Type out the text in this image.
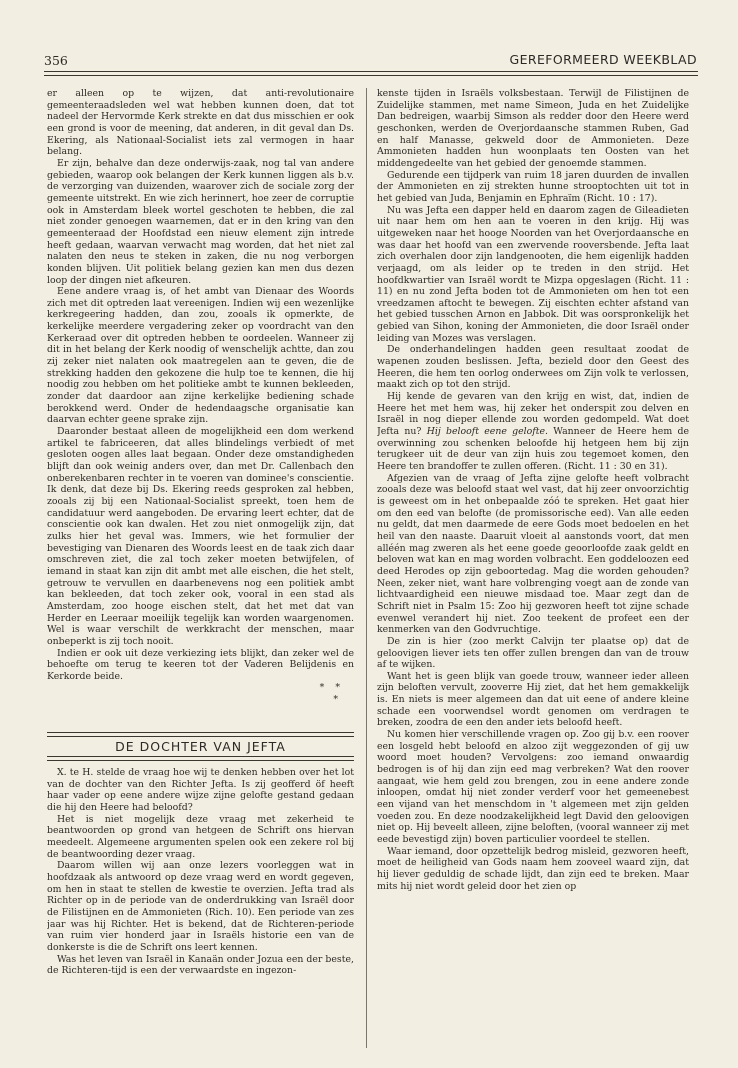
356	GEREFORMEERD WEEKBLAD

er alleen op te wijzen, dat anti-revolutionaire gemeenteraadsleden wel wat hebben kunnen doen, dat tot nadeel der Hervormde Kerk strekte en dat dus misschien er ook een grond is voor de meening, dat anderen, in dit geval dan Ds. Ekering, als Nationaal-Socialist iets zal vermogen in haar belang.

Er zijn, behalve dan deze onderwijs-zaak, nog tal van andere gebieden, waarop ook belangen der Kerk kunnen liggen als b.v. de verzorging van duizenden, waarover zich de sociale zorg der gemeente uitstrekt. En wie zich herinnert, hoe zeer de corruptie ook in Amsterdam bleek wortel geschoten te hebben, die zal niet zonder genoegen waarnemen, dat er in den kring van den gemeenteraad der Hoofdstad een nieuw element zijn intrede heeft gedaan, waarvan verwacht mag worden, dat het niet zal nalaten den neus te steken in zaken, die nu nog verborgen konden blijven. Uit politiek belang gezien kan men dus dezen loop der dingen niet afkeuren.

Eene andere vraag is, of het ambt van Dienaar des Woords zich met dit optreden laat vereenigen. Indien wij een wezenlijke kerkregeering hadden, dan zou, zooals ik opmerkte, de kerkelijke meerdere vergadering zeker op voordracht van den Kerkeraad over dit optreden hebben te oordeelen. Wanneer zij dit in het belang der Kerk noodig of wenschelijk achtte, dan zou zij zeker niet nalaten ook maatregelen aan te geven, die de strekking hadden den gekozene die hulp toe te kennen, die hij noodig zou hebben om het politieke ambt te kunnen bekleeden, zonder dat daardoor aan zijne kerkelijke bediening schade berokkend werd. Onder de hedendaagsche organisatie kan daarvan echter geene sprake zijn.

Daaronder bestaat alleen de mogelijkheid een dom werkend artikel te fabriceeren, dat alles blindelings verbiedt of met gesloten oogen alles laat begaan. Onder deze omstandigheden blijft dan ook weinig anders over, dan met Dr. Callenbach den onberekenbaren rechter in te voeren van dominee's conscientie. Ik denk, dat deze bij Ds. Ekering reeds gesproken zal hebben, zooals zij bij een Nationaal-Socialist spreekt, toen hem de candidatuur werd aangeboden. De ervaring leert echter, dat de conscientie ook kan dwalen. Het zou niet onmogelijk zijn, dat zulks hier het geval was. Immers, wie het formulier der bevestiging van Dienaren des Woords leest en de taak zich daar omschreven ziet, die zal toch zeker moeten betwijfelen, of iemand in staat kan zijn dit ambt met alle eischen, die het stelt, getrouw te vervullen en daarbenevens nog een politiek ambt kan bekleeden, dat toch zeker ook, vooral in een stad als Amsterdam, zoo hooge eischen stelt, dat het met dat van Herder en Leeraar moeilijk tegelijk kan worden waargenomen. Wel is waar verschilt de werkkracht der menschen, maar onbeperkt is zij toch nooit.

Indien er ook uit deze verkiezing iets blijkt, dan zeker wel de behoefte om terug te keeren tot der Vaderen Belijdenis en Kerkorde beide.

* *

*

DE DOCHTER VAN JEFTA

X. te H. stelde de vraag hoe wij te denken hebben over het lot van de dochter van den Richter Jefta. Is zij geofferd öf heeft haar vader op eene andere wijze zijne gelofte gestand gedaan die hij den Heere had beloofd?

Het is niet mogelijk deze vraag met zekerheid te beantwoorden op grond van hetgeen de Schrift ons hiervan meedeelt. Algemeene argumenten spelen ook een zekere rol bij de beantwoording dezer vraag.

Daarom willen wij aan onze lezers voorleggen wat in hoofdzaak als antwoord op deze vraag werd en wordt gegeven, om hen in staat te stellen de kwestie te overzien. Jefta trad als Richter op in de periode van de onderdrukking van Israël door de Filistijnen en de Ammonieten (Rich. 10). Een periode van zes jaar was hij Richter. Het is bekend, dat de Richteren-periode van ruim vier honderd jaar in Israëls historie een van de donkerste is die de Schrift ons leert kennen.

Was het leven van Israël in Kanaän onder Jozua een der beste, de Richteren-tijd is een der verwaardste en ingezon-

kenste tijden in Israëls volksbestaan. Terwijl de Filistijnen de Zuidelijke stammen, met name Simeon, Juda en het Zuidelijke Dan bedreigen, waarbij Simson als redder door den Heere werd geschonken, werden de Overjordaansche stammen Ruben, Gad en half Manasse, gekweld door de Ammonieten. Deze Ammonieten hadden hun woonplaats ten Oosten van het middengedeelte van het gebied der genoemde stammen.

Gedurende een tijdperk van ruim 18 jaren duurden de invallen der Ammonieten en zij strekten hunne strooptochten uit tot in het gebied van Juda, Benjamin en Ephraïm (Richt. 10 : 17).

Nu was Jefta een dapper held en daarom zagen de Gileadieten uit naar hem om hen aan te voeren in den krijg. Hij was uitgeweken naar het hooge Noorden van het Overjordaansche en was daar het hoofd van een zwervende rooversbende. Jefta laat zich overhalen door zijn landgenooten, die hem eigenlijk hadden verjaagd, om als leider op te treden in den strijd. Het hoofdkwartier van Israël wordt te Mizpa opgeslagen (Richt. 11 : 11) en nu zond Jefta boden tot de Ammonieten om hen tot een vreedzamen aftocht te bewegen. Zij eischten echter afstand van het gebied tusschen Arnon en Jabbok. Dit was oorspronkelijk het gebied van Sihon, koning der Ammonieten, die door Israël onder leiding van Mozes was verslagen.

De onderhandelingen hadden geen resultaat zoodat de wapenen zouden beslissen. Jefta, bezield door den Geest des Heeren, die hem ten oorlog onderwees om Zijn volk te verlossen, maakt zich op tot den strijd.

Hij kende de gevaren van den krijg en wist, dat, indien de Heere het met hem was, hij zeker het onderspit zou delven en Israël in nog dieper ellende zou worden gedompeld. Wat doet Jefta nu? Hij belooft eene gelofte. Wanneer de Heere hem de overwinning zou schenken beloofde hij hetgeen hem bij zijn terugkeer uit de deur van zijn huis zou tegemoet komen, den Heere ten brandoffer te zullen offeren. (Richt. 11 : 30 en 31).

Afgezien van de vraag of Jefta zijne gelofte heeft volbracht zooals deze was beloofd staat wel vast, dat hij zeer onvoorzichtig is geweest om in het onbepaalde zóó te spreken. Het gaat hier om den eed van belofte (de promissorische eed). Van alle eeden nu geldt, dat men daarmede de eere Gods moet bedoelen en het heil van den naaste. Daaruit vloeit al aanstonds voort, dat men alléén mag zweren als het eene goede geoorloofde zaak geldt en beloven wat kan en mag worden volbracht. Een goddeloozen eed deed Herodes op zijn geboortedag. Mag die worden gehouden? Neen, zeker niet, want hare volbrenging voegt aan de zonde van lichtvaardigheid een nieuwe misdaad toe. Maar zegt dan de Schrift niet in Psalm 15: Zoo hij gezworen heeft tot zijne schade evenwel verandert hij niet. Zoo teekent de profeet een der kenmerken van den Godvruchtige.

De zin is hier (zoo merkt Calvijn ter plaatse op) dat de geloovigen liever iets ten offer zullen brengen dan van de trouw af te wijken.

Want het is geen blijk van goede trouw, wanneer ieder alleen zijn beloften vervult, zooverre Hij ziet, dat het hem gemakkelijk is. En niets is meer algemeen dan dat uit eene of andere kleine schade een voorwendsel wordt genomen om verdragen te breken, zoodra de een den ander iets beloofd heeft.

Nu komen hier verschillende vragen op. Zoo gij b.v. een roover een losgeld hebt beloofd en alzoo zijt weggezonden of gij uw woord moet houden? Vervolgens: zoo iemand onwaardig bedrogen is of hij dan zijn eed mag verbreken? Wat den roover aangaat, wie hem geld zou brengen, zou in eene andere zonde inloopen, omdat hij niet zonder verderf voor het gemeenebest een vijand van het menschdom in 't algemeen met zijn gelden voeden zou. En deze noodzakelijkheid legt David den geloovigen niet op. Hij beveelt alleen, zijne beloften, (vooral wanneer zij met eede bevestigd zijn) boven particulier voordeel te stellen.

Waar iemand, door opzettelijk bedrog misleid, gezworen heeft, moet de heiligheid van Gods naam hem zooveel waard zijn, dat hij liever geduldig de schade lijdt, dan zijn eed te breken. Maar mits hij niet wordt geleid door het zien op
